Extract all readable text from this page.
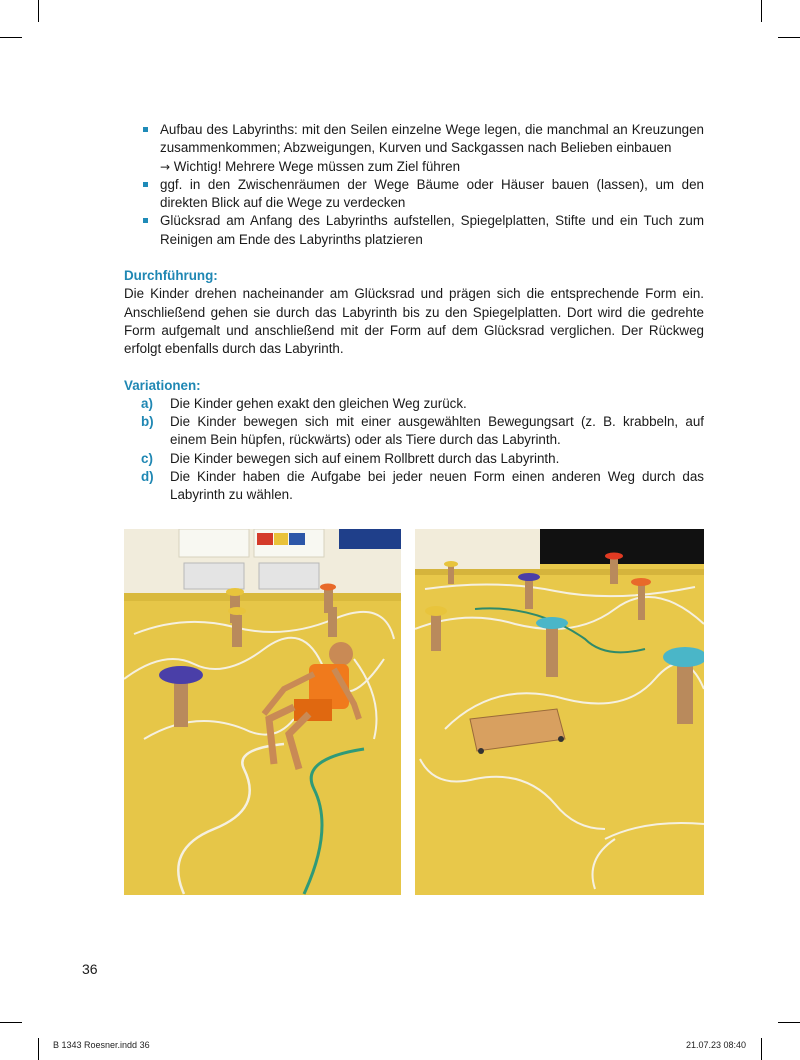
Aufbau des Labyrinths: mit den Seilen einzelne Wege legen, die manchmal an Kreuzungen zusammenkommen; Abzweigungen, Kurven und Sackgassen nach Belieben einbauen
→ Wichtig! Mehrere Wege müssen zum Ziel führen
ggf. in den Zwischenräumen der Wege Bäume oder Häuser bauen (lassen), um den direkten Blick auf die Wege zu verdecken
Glücksrad am Anfang des Labyrinths aufstellen, Spiegelplatten, Stifte und ein Tuch zum Reinigen am Ende des Labyrinths platzieren
Durchführung:

Die Kinder drehen nacheinander am Glücksrad und prägen sich die entsprechende Form ein. Anschließend gehen sie durch das Labyrinth bis zu den Spiegelplatten. Dort wird die gedrehte Form aufgemalt und anschließend mit der Form auf dem Glücksrad verglichen. Der Rückweg erfolgt ebenfalls durch das Labyrinth.

Variationen:
a) Die Kinder gehen exakt den gleichen Weg zurück.
b) Die Kinder bewegen sich mit einer ausgewählten Bewegungsart (z. B. krabbeln, auf einem Bein hüpfen, rückwärts) oder als Tiere durch das Labyrinth.
c) Die Kinder bewegen sich auf einem Rollbrett durch das Labyrinth.
d) Die Kinder haben die Aufgabe bei jeder neuen Form einen anderen Weg durch das Labyrinth zu wählen.
36
B 1343 Roesner.indd 36	21.07.23 08:40
